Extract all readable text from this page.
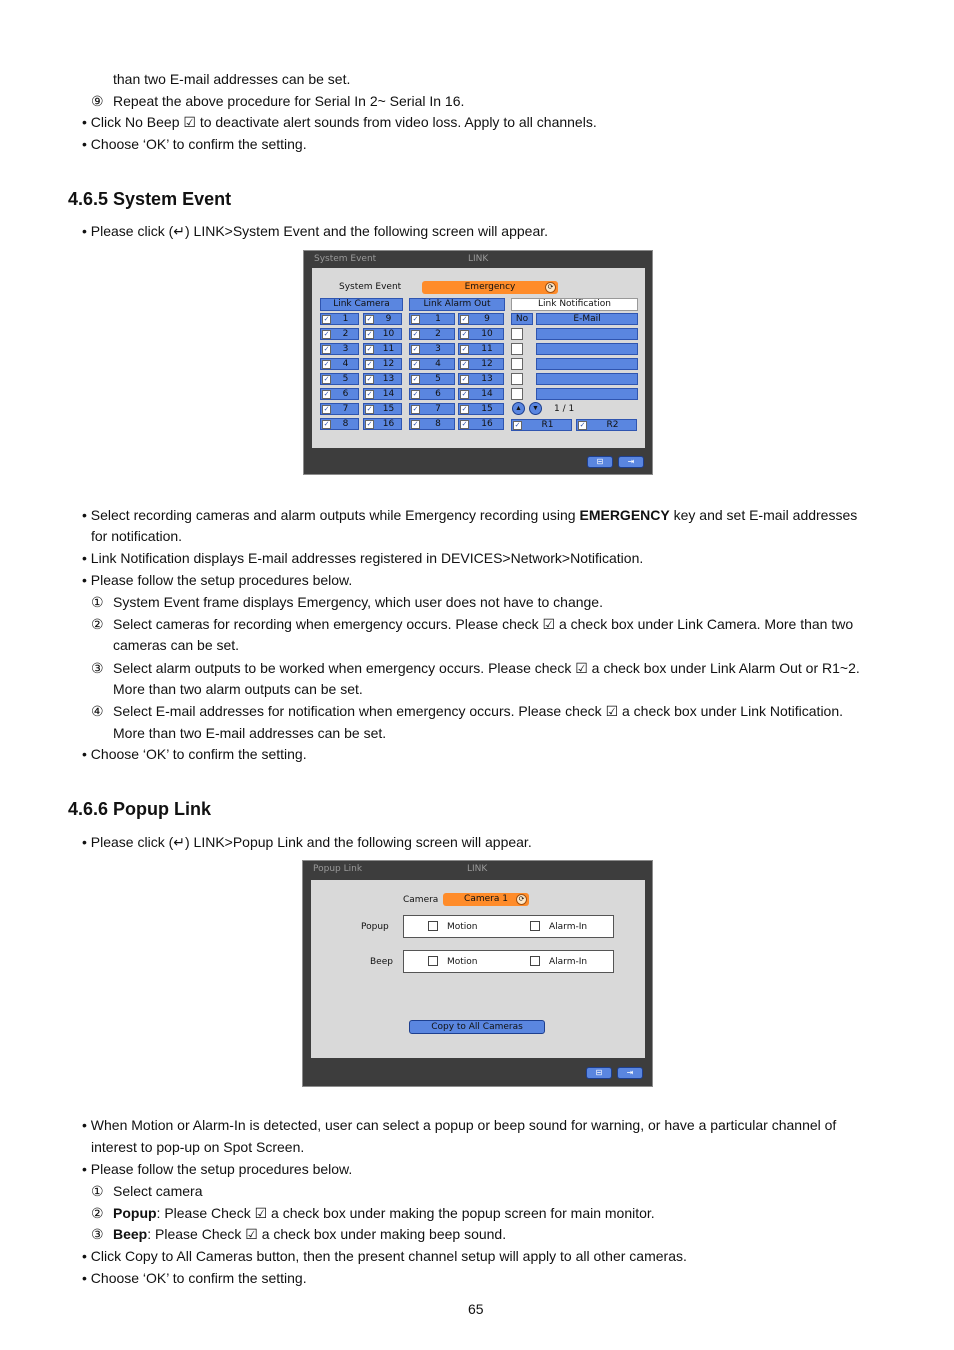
than two E-mail addresses can be set.
⑨ Repeat the above procedure for Serial In 2~ Serial In 16.
• Click No Beep ☑ to deactivate alert sounds from video loss. Apply to all channels.
• Choose ‘OK’ to confirm the setting.
4.6.5 System Event
• Please click (↵) LINK>System Event and the following screen will appear.
System Event	LINK
System Event	Emergency	⟳
Link Camera	Link Alarm Out	Link Notification
✓	1	✓	9
✓	2	✓	10
✓	3	✓	11
✓	4	✓	12
✓	5	✓	13
✓	6	✓	14
✓	7	✓	15
✓	8	✓	16
✓	1	✓	9
✓	2	✓	10
✓	3	✓	11
✓	4	✓	12
✓	5	✓	13
✓	6	✓	14
✓	7	✓	15
✓	8	✓	16
No	E-Mail
▲	▼	1 / 1
✓	R1	✓	R2
⊟	⇥
• Select recording cameras and alarm outputs while Emergency recording using EMERGENCY key and set E-mail addresses
for notification.
• Link Notification displays E-mail addresses registered in DEVICES>Network>Notification.
• Please follow the setup procedures below.
① System Event frame displays Emergency, which user does not have to change.
② Select cameras for recording when emergency occurs. Please check ☑ a check box under Link Camera. More than two
cameras can be set.
③ Select alarm outputs to be worked when emergency occurs. Please check ☑ a check box under Link Alarm Out or R1~2.
More than two alarm outputs can be set.
④ Select E-mail addresses for notification when emergency occurs. Please check ☑ a check box under Link Notification.
More than two E-mail addresses can be set.
• Choose ‘OK’ to confirm the setting.
4.6.6 Popup Link
• Please click (↵) LINK>Popup Link and the following screen will appear.
Popup Link	LINK
Camera	Camera 1	⟳
Popup	Motion	Alarm-In
Beep	Motion	Alarm-In
Copy to All Cameras
⊟	⇥
• When Motion or Alarm-In is detected, user can select a popup or beep sound for warning, or have a particular channel of
interest to pop-up on Spot Screen.
• Please follow the setup procedures below.
① Select camera
② Popup: Please Check ☑ a check box under making the popup screen for main monitor.
③ Beep: Please Check ☑ a check box under making beep sound.
• Click Copy to All Cameras button, then the present channel setup will apply to all other cameras.
• Choose ‘OK’ to confirm the setting.
65
